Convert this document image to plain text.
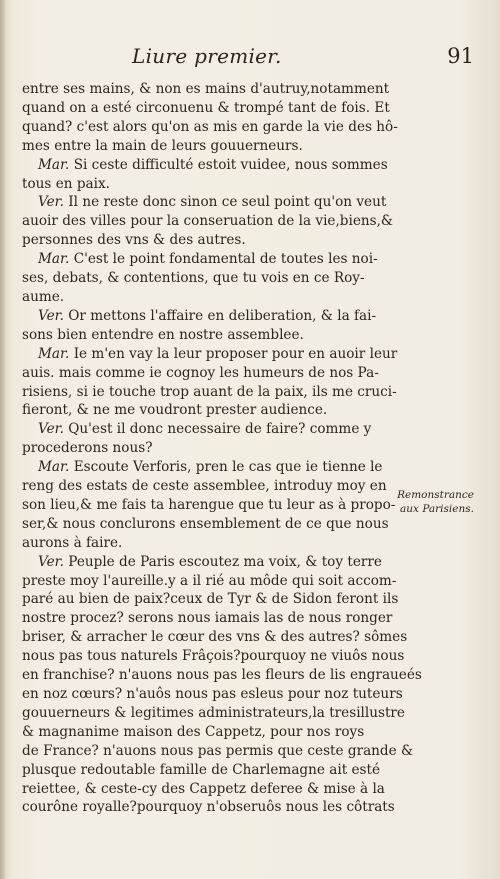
Liure premier.	91
entre ses mains, & non es mains d'autruy,notamment
quand on a esté circonuenu & trompé tant de fois. Et
quand? c'est alors qu'on as mis en garde la vie des hô-
mes entre la main de leurs gouuerneurs.
Mar. Si ceste difficulté estoit vuidee, nous sommes
tous en paix.
Ver. Il ne reste donc sinon ce seul point qu'on veut
auoir des villes pour la conseruation de la vie,biens,&
personnes des vns & des autres.
Mar. C'est le point fondamental de toutes les noi-
ses, debats, & contentions, que tu vois en ce Roy-
aume.
Ver. Or mettons l'affaire en deliberation, & la fai-
sons bien entendre en nostre assemblee.
Mar. Ie m'en vay la leur proposer pour en auoir leur
auis. mais comme ie cognoy les humeurs de nos Pa-
risiens, si ie touche trop auant de la paix, ils me cruci-
fieront, & ne me voudront prester audience.
Ver. Qu'est il donc necessaire de faire? comme y
procederons nous?
Mar. Escoute Verforis, pren le cas que ie tienne le
reng des estats de ceste assemblee, introduy moy en
son lieu,& me fais ta harengue que tu leur as à propo-
ser,& nous conclurons ensemblement de ce que nous
aurons à faire.
Ver. Peuple de Paris escoutez ma voix, & toy terre
preste moy l'aureille.y a il rié au môde qui soit accom-
paré au bien de paix?ceux de Tyr & de Sidon feront ils
nostre procez? serons nous iamais las de nous ronger
briser, & arracher le cœur des vns & des autres? sômes
nous pas tous naturels Frâçois?pourquoy ne viuôs nous
en franchise? n'auons nous pas les fleurs de lis engraueés
en noz cœurs? n'auôs nous pas esleus pour noz tuteurs
gouuerneurs & legitimes administrateurs,la tresillustre
& magnanime maison des Cappetz, pour nos roys
de France? n'auons nous pas permis que ceste grande &
plusque redoutable famille de Charlemagne ait esté
reiettee, & ceste-cy des Cappetz deferee & mise à la
courône royalle?pourquoy n'obseruôs nous les côtrats
Remonstrance
aux Parisiens.
